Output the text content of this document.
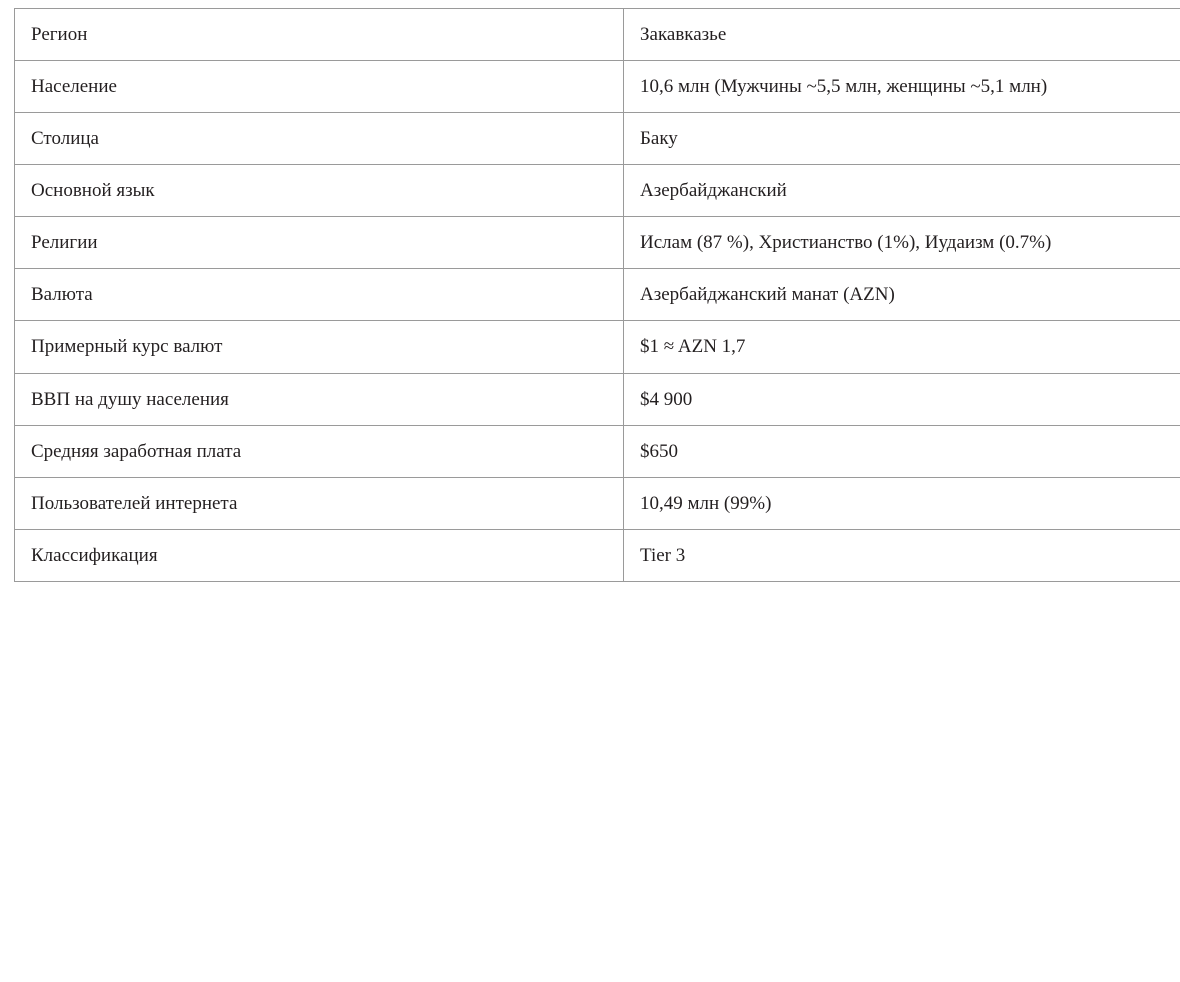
Регион	Закавказье
Население	10,6 млн (Мужчины ~5,5 млн, женщины ~5,1 млн)
Столица	Баку
Основной язык	Азербайджанский
Религии	Ислам (87 %), Христианство (1%), Иудаизм (0.7%)
Валюта	Азербайджанский манат (AZN)
Примерный курс валют	$1 ≈ AZN 1,7
ВВП на душу населения	$4 900
Средняя заработная плата	$650
Пользователей интернета	10,49 млн (99%)
Классификация	Tier 3
